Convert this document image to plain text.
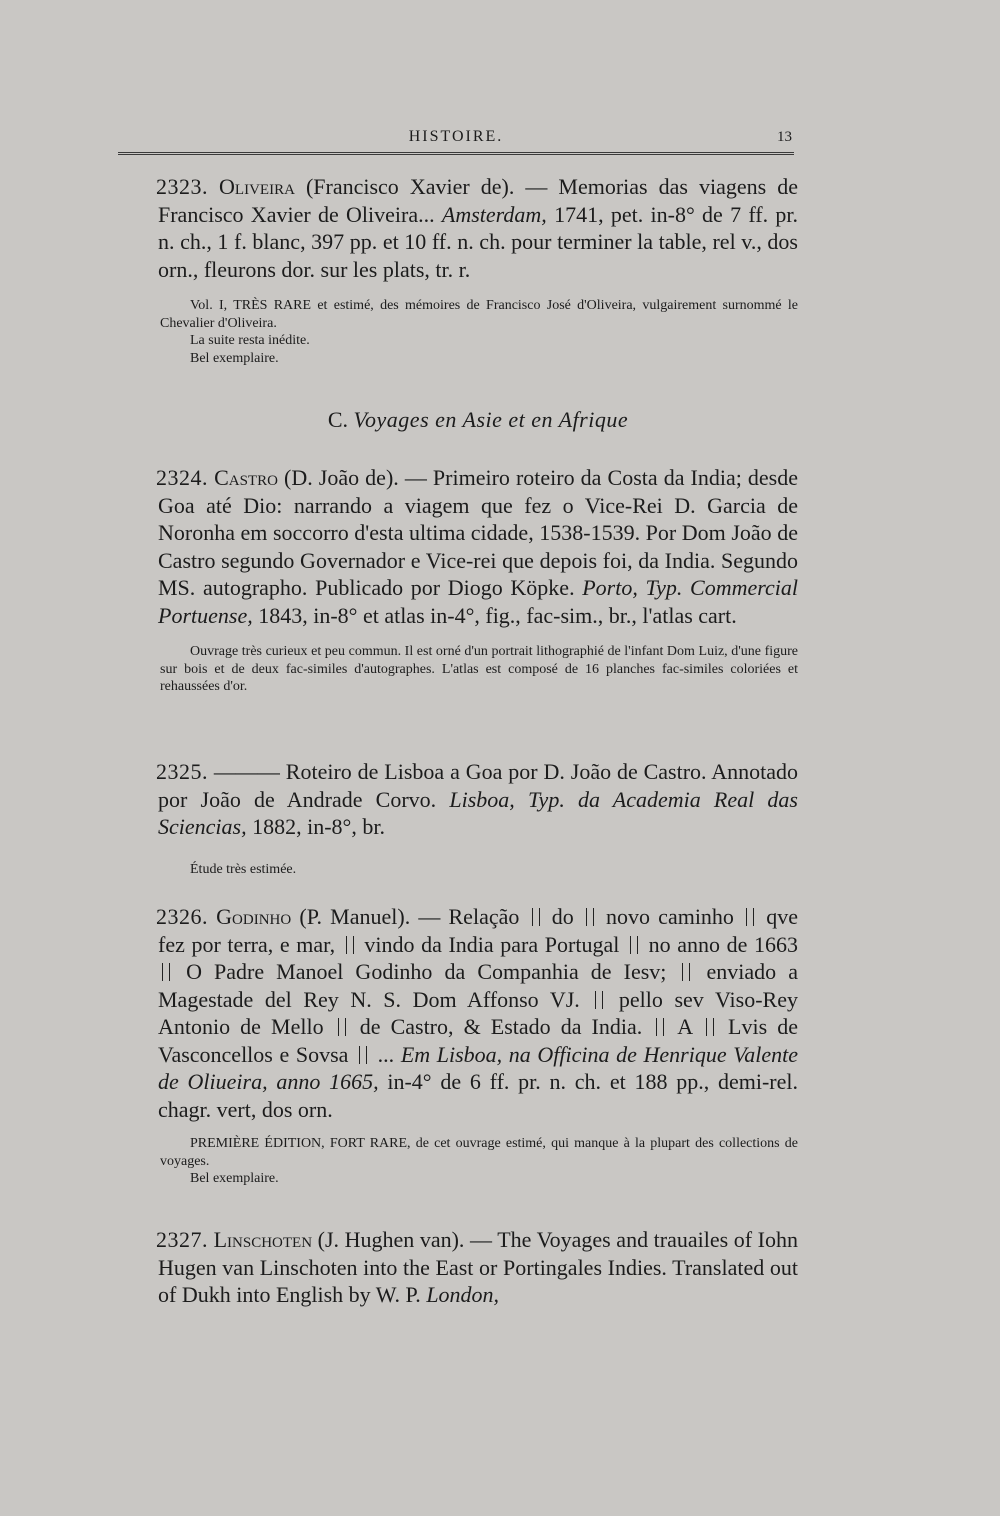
HISTOIRE.	13

2323. Oliveira (Francisco Xavier de). — Memorias das viagens de Francisco Xavier de Oliveira... Amsterdam, 1741, pet. in-8° de 7 ff. pr. n. ch., 1 f. blanc, 397 pp. et 10 ff. n. ch. pour terminer la table, rel v., dos orn., fleurons dor. sur les plats, tr. r.

Vol. I, TRÈS RARE et estimé, des mémoires de Francisco José d'Oliveira, vulgairement surnommé le Chevalier d'Oliveira.

La suite resta inédite.

Bel exemplaire.

C. Voyages en Asie et en Afrique

2324. Castro (D. João de). — Primeiro roteiro da Costa da India; desde Goa até Dio: narrando a viagem que fez o Vice-Rei D. Garcia de Noronha em soccorro d'esta ultima cidade, 1538-1539. Por Dom João de Castro segundo Governador e Vice-rei que depois foi, da India. Segundo MS. autographo. Publicado por Diogo Köpke. Porto, Typ. Commercial Portuense, 1843, in-8° et atlas in-4°, fig., fac-sim., br., l'atlas cart.

Ouvrage très curieux et peu commun. Il est orné d'un portrait lithographié de l'infant Dom Luiz, d'une figure sur bois et de deux fac-similes d'autographes. L'atlas est composé de 16 planches fac-similes coloriées et rehaussées d'or.

2325. ——— Roteiro de Lisboa a Goa por D. João de Castro. Annotado por João de Andrade Corvo. Lisboa, Typ. da Academia Real das Sciencias, 1882, in-8°, br.

Étude très estimée.

2326. Godinho (P. Manuel). — Relação  do  novo caminho  qve fez por terra, e mar,  vindo da India para Portugal  no anno de 1663  O Padre Manoel Godinho da Companhia de Iesv;  enviado a Magestade del Rey N. S. Dom Affonso VJ.  pello sev Viso-Rey Antonio de Mello  de Castro, & Estado da India.  A  Lvis de Vasconcellos e Sovsa  ... Em Lisboa, na Officina de Henrique Valente de Oliueira, anno 1665, in-4° de 6 ff. pr. n. ch. et 188 pp., demi-rel. chagr. vert, dos orn.

PREMIÈRE ÉDITION, FORT RARE, de cet ouvrage estimé, qui manque à la plupart des collections de voyages.

Bel exemplaire.

2327. Linschoten (J. Hughen van). — The Voyages and trauailes of Iohn Hugen van Linschoten into the East or Portingales Indies. Translated out of Dukh into English by W. P. London,
